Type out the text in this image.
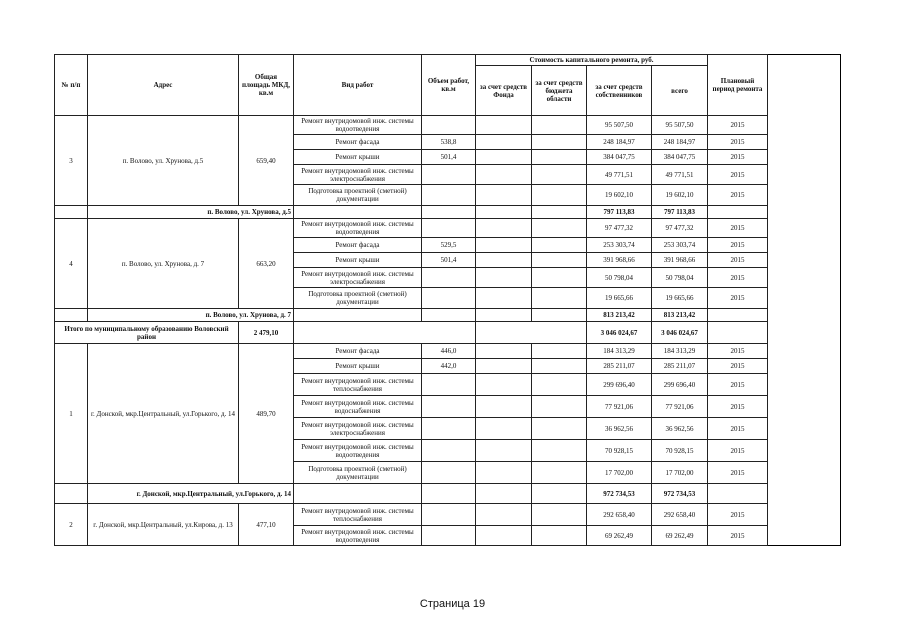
№ п/п	Адрес	Общая площадь МКД, кв.м	Вид работ	Объем работ, кв.м	Стоимость капитального ремонта, руб.				Плановый период ремонта
					за счет средств Фонда	за счет средств бюджета области	за счет средств собственников	всего	
3	п. Волово, ул. Хрунова, д.5	659,40	Ремонт внутридомовой инж. системы водоотведения				95 507,50	95 507,50	2015
			Ремонт фасада	538,8			248 184,97	248 184,97	2015
			Ремонт крыши	501,4			384 047,75	384 047,75	2015
			Ремонт внутридомовой инж. системы электроснабжения				49 771,51	49 771,51	2015
			Подготовка проектной (сметной) документации				19 602,10	19 602,10	2015
	п. Волово, ул. Хрунова, д.5						797 113,83	797 113,83	
4	п. Волово, ул. Хрунова, д. 7	663,20	Ремонт внутридомовой инж. системы водоотведения				97 477,32	97 477,32	2015
			Ремонт фасада	529,5			253 303,74	253 303,74	2015
			Ремонт крыши	501,4			391 968,66	391 968,66	2015
			Ремонт внутридомовой инж. системы электроснабжения				50 798,04	50 798,04	2015
			Подготовка проектной (сметной) документации				19 665,66	19 665,66	2015
	п. Волово, ул. Хрунова, д. 7						813 213,42	813 213,42	
Итого по муниципальному образованию Воловский район		2 479,10					3 046 024,67	3 046 024,67	
1	г. Донской, мкр.Центральный, ул.Горького, д. 14	489,70	Ремонт фасада	446,0			184 313,29	184 313,29	2015
			Ремонт крыши	442,0			285 211,07	285 211,07	2015
			Ремонт внутридомовой инж. системы теплоснабжения				299 696,40	299 696,40	2015
			Ремонт внутридомовой инж. системы водоснабжения				77 921,06	77 921,06	2015
			Ремонт внутридомовой инж. системы электроснабжения				36 962,56	36 962,56	2015
			Ремонт внутридомовой инж. системы водоотведения				70 928,15	70 928,15	2015
			Подготовка проектной (сметной) документации				17 702,00	17 702,00	2015
	г. Донской, мкр.Центральный, ул.Горького, д. 14						972 734,53	972 734,53	
2	г. Донской, мкр.Центральный, ул.Кирова, д. 13	477,10	Ремонт внутридомовой инж. системы теплоснабжения				292 658,40	292 658,40	2015
			Ремонт внутридомовой инж. системы водоотведения				69 262,49	69 262,49	2015
Страница 19
